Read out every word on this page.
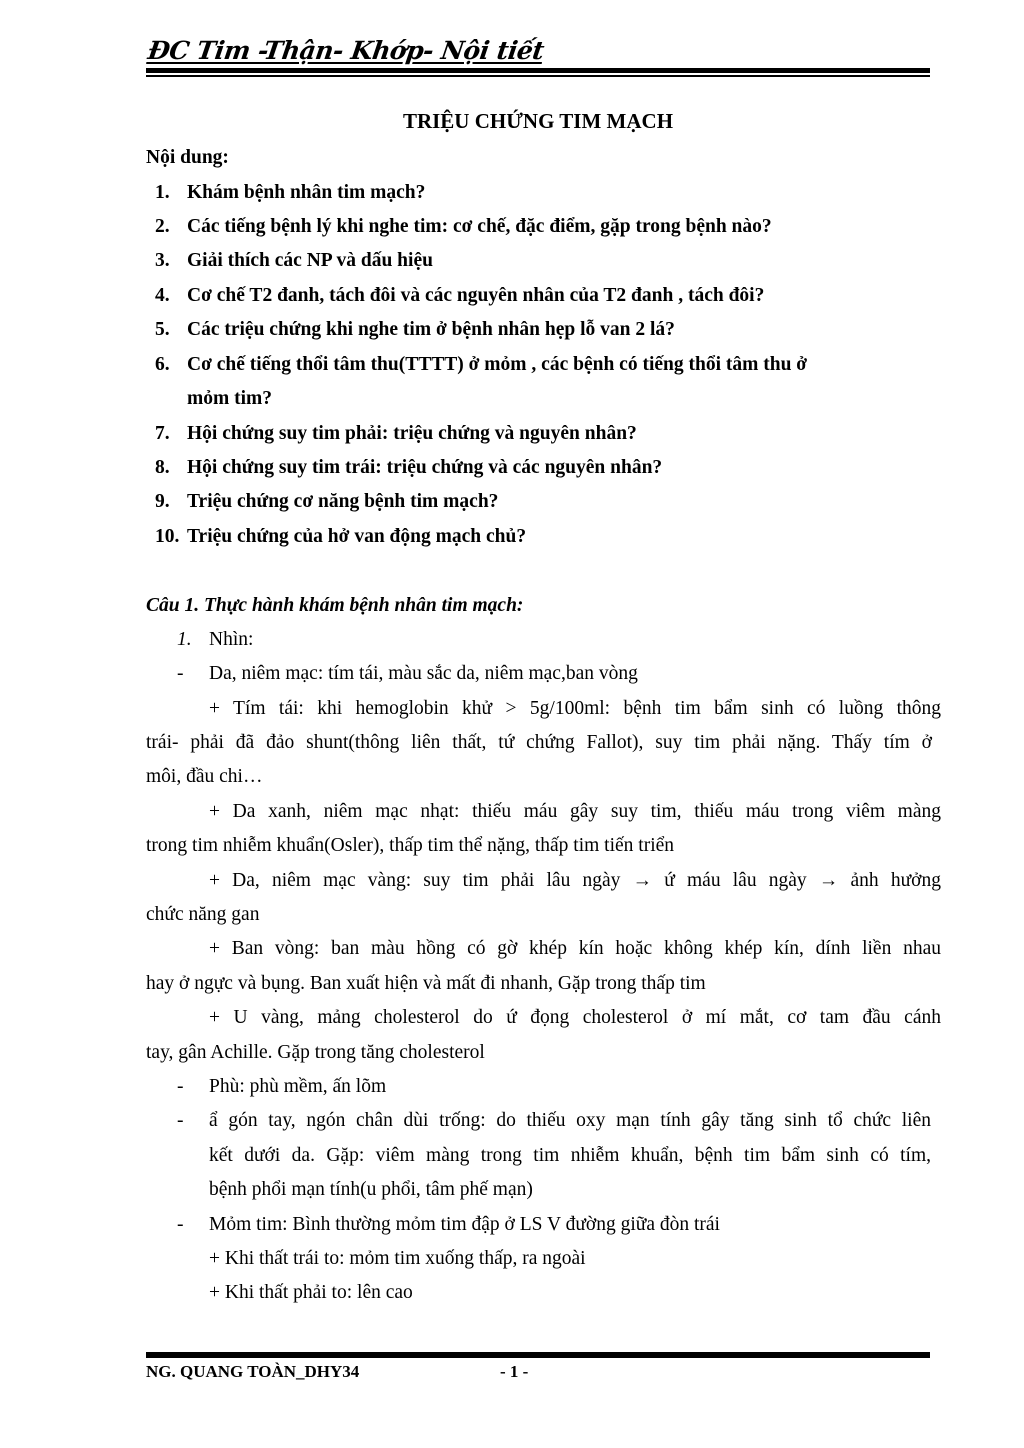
ĐC Tim -Thận- Khớp- Nội tiết
TRIỆU CHỨNG TIM MẠCH
Nội dung:
1. Khám bệnh nhân tim mạch?
2. Các tiếng bệnh lý khi nghe tim: cơ chế, đặc điểm, gặp trong bệnh nào?
3. Giải thích các NP và dấu hiệu
4. Cơ chế T2 đanh, tách đôi và các nguyên nhân của T2 đanh , tách đôi?
5. Các triệu chứng khi nghe tim ở bệnh nhân hẹp lỗ van 2 lá?
6. Cơ chế tiếng thổi tâm thu(TTTT) ở mỏm , các bệnh có tiếng thổi tâm thu ở
mỏm tim?
7. Hội chứng suy tim phải: triệu chứng và nguyên nhân?
8. Hội chứng suy tim trái: triệu chứng và các nguyên nhân?
9. Triệu chứng cơ năng bệnh tim mạch?
10. Triệu chứng của hở van động mạch chủ?
Câu 1. Thực hành khám bệnh nhân tim mạch:
1. Nhìn:
- Da, niêm mạc: tím tái, màu sắc da, niêm mạc,ban vòng
+ Tím tái: khi hemoglobin khử > 5g/100ml: bệnh tim bẩm sinh có luồng thông
trái- phải đã đảo shunt(thông liên thất, tứ chứng Fallot), suy tim phải nặng. Thấy tím ở
môi, đầu chi…
+ Da xanh, niêm mạc nhạt: thiếu máu gây suy tim, thiếu máu trong viêm màng
trong tim nhiễm khuẩn(Osler), thấp tim thể nặng, thấp tim tiến triển
+ Da, niêm mạc vàng: suy tim phải lâu ngày → ứ máu lâu ngày → ảnh hưởng
chức năng gan
+ Ban vòng: ban màu hồng có gờ khép kín hoặc không khép kín, dính liền nhau
hay ở ngực và bụng. Ban xuất hiện và mất đi nhanh, Gặp trong thấp tim
+ U vàng, mảng cholesterol do ứ đọng cholesterol ở mí mắt, cơ tam đầu cánh
tay, gân Achille. Gặp trong tăng cholesterol
- Phù: phù mềm, ấn lõm
- ẩ gón tay, ngón chân dùi trống: do thiếu oxy mạn tính gây tăng sinh tổ chức liên
kết dưới da. Gặp: viêm màng trong tim nhiễm khuẩn, bệnh tim bẩm sinh có tím,
bệnh phổi mạn tính(u phổi, tâm phế mạn)
- Mỏm tim: Bình thường mỏm tim đập ở LS V đường giữa đòn trái
+ Khi thất trái to: mỏm tim xuống thấp, ra ngoài
+ Khi thất phải to: lên cao
NG. QUANG TOÀN_DHY34	- 1 -
